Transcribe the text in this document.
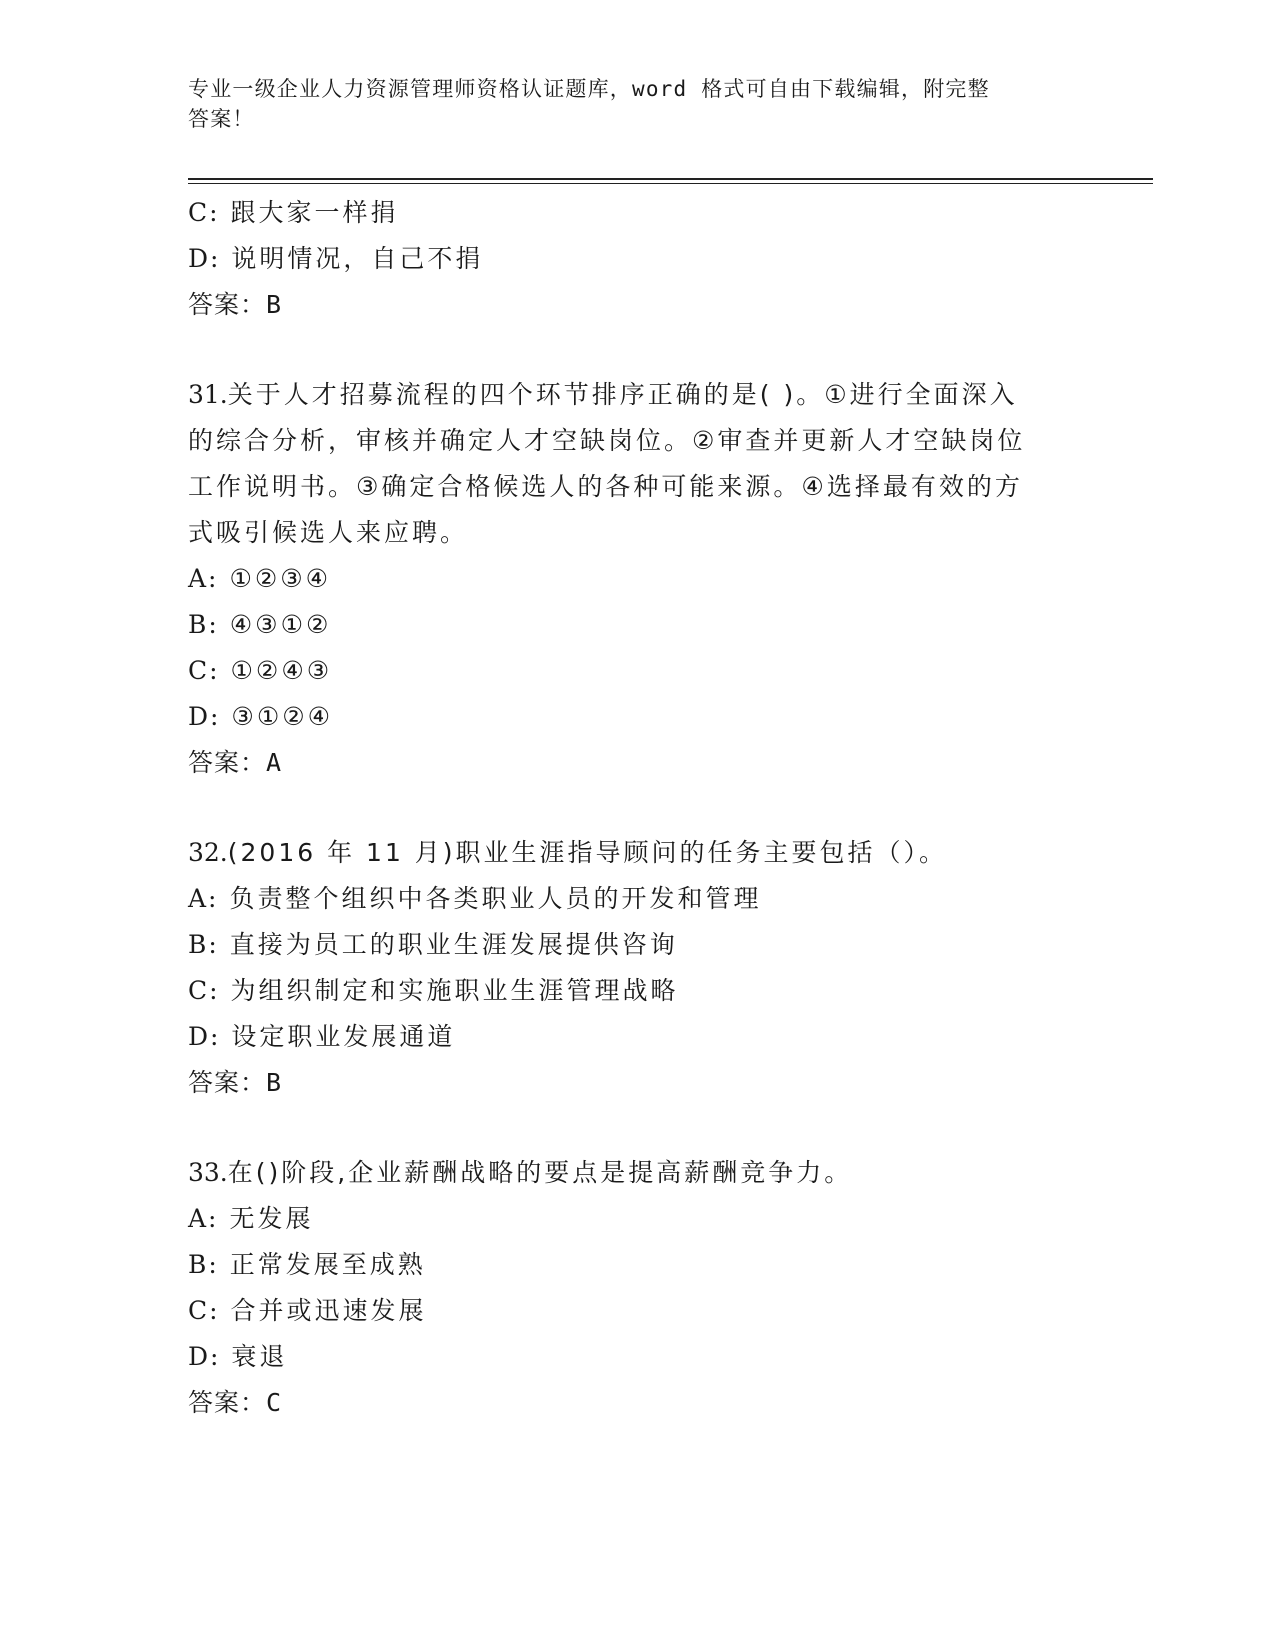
专业一级企业人力资源管理师资格认证题库，word 格式可自由下载编辑，附完整
答案！
C: 跟大家一样捐
D: 说明情况，自己不捐
答案：B
31.关于人才招募流程的四个环节排序正确的是( )。①进行全面深入
的综合分析，审核并确定人才空缺岗位。②审查并更新人才空缺岗位
工作说明书。③确定合格候选人的各种可能来源。④选择最有效的方
式吸引候选人来应聘。
A: ①②③④
B: ④③①②
C: ①②④③
D: ③①②④
答案：A
32.(2016 年 11 月)职业生涯指导顾问的任务主要包括（）。
A: 负责整个组织中各类职业人员的开发和管理
B: 直接为员工的职业生涯发展提供咨询
C: 为组织制定和实施职业生涯管理战略
D: 设定职业发展通道
答案：B
33.在()阶段,企业薪酬战略的要点是提高薪酬竞争力。
A: 无发展
B: 正常发展至成熟
C: 合并或迅速发展
D: 衰退
答案：C
